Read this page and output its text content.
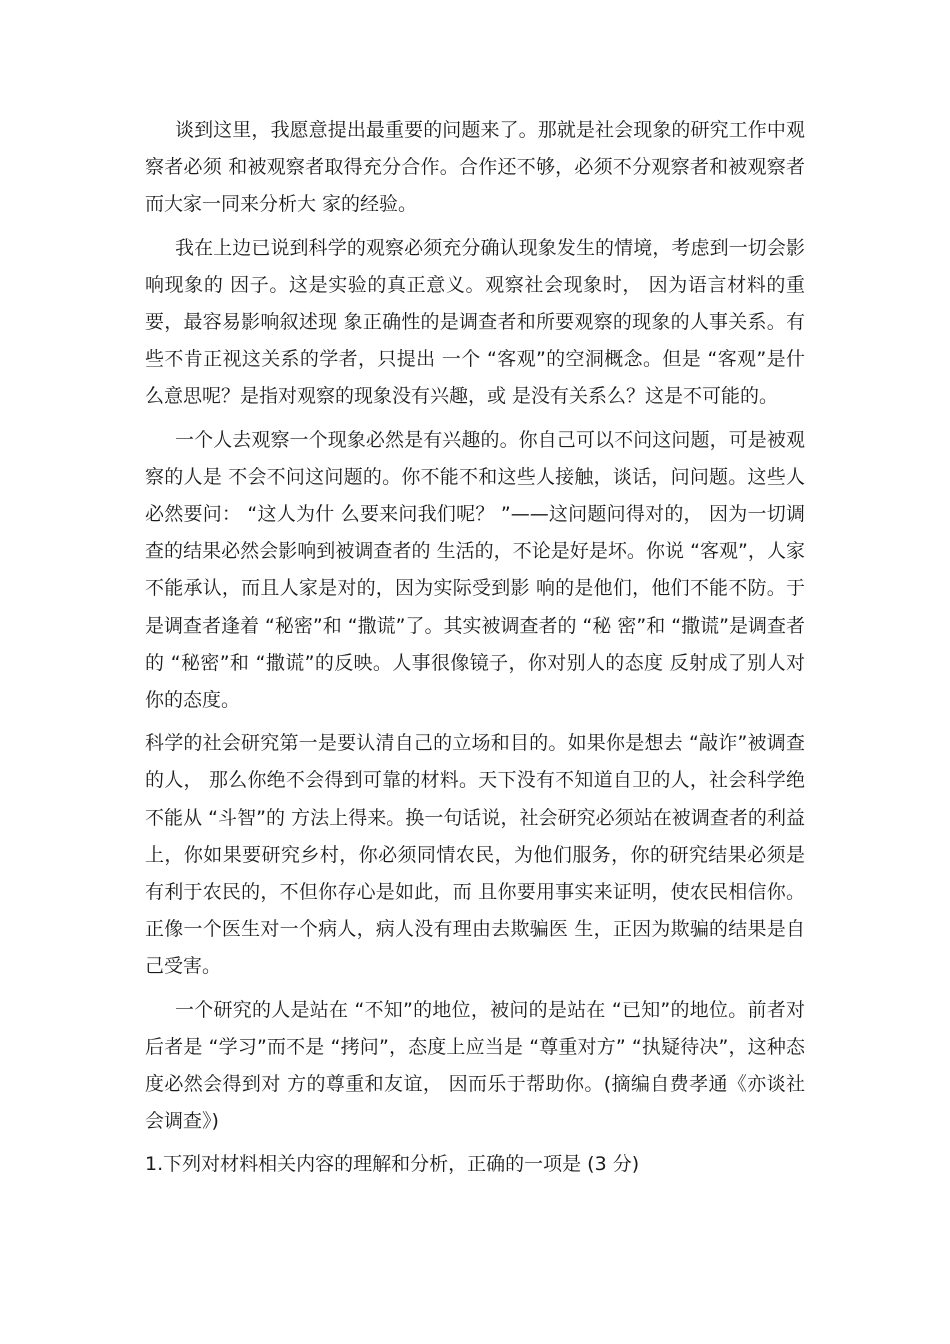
谈到这里，我愿意提出最重要的问题来了。那就是社会现象的研究工作中观察者必须 和被观察者取得充分合作。合作还不够，必须不分观察者和被观察者而大家一同来分析大 家的经验。

我在上边已说到科学的观察必须充分确认现象发生的情境，考虑到一切会影响现象的 因子。这是实验的真正意义。观察社会现象时， 因为语言材料的重要，最容易影响叙述现 象正确性的是调查者和所要观察的现象的人事关系。有些不肯正视这关系的学者，只提出 一个 “客观”的空洞概念。但是 “客观”是什么意思呢？是指对观察的现象没有兴趣，或 是没有关系么？这是不可能的。

一个人去观察一个现象必然是有兴趣的。你自己可以不问这问题，可是被观察的人是 不会不问这问题的。你不能不和这些人接触，谈话，问问题。这些人必然要问： “这人为什 么要来问我们呢？ ”——这问题问得对的， 因为一切调查的结果必然会影响到被调查者的 生活的，不论是好是坏。你说 “客观”，人家不能承认，而且人家是对的，因为实际受到影 响的是他们，他们不能不防。于是调查者逢着 “秘密”和 “撒谎”了。其实被调查者的 “秘 密”和 “撒谎”是调查者的 “秘密”和 “撒谎”的反映。人事很像镜子，你对别人的态度 反射成了别人对你的态度。

科学的社会研究第一是要认清自己的立场和目的。如果你是想去 “敲诈”被调查的人， 那么你绝不会得到可靠的材料。天下没有不知道自卫的人，社会科学绝不能从 “斗智”的 方法上得来。换一句话说，社会研究必须站在被调查者的利益上，你如果要研究乡村，你必须同情农民，为他们服务，你的研究结果必须是有利于农民的，不但你存心是如此，而 且你要用事实来证明，使农民相信你。正像一个医生对一个病人，病人没有理由去欺骗医 生，正因为欺骗的结果是自己受害。

一个研究的人是站在 “不知”的地位，被问的是站在 “已知”的地位。前者对后者是 “学习”而不是 “拷问”，态度上应当是 “尊重对方” “执疑待决”，这种态度必然会得到对 方的尊重和友谊， 因而乐于帮助你。(摘编自费孝通《亦谈社会调查》)

1.下列对材料相关内容的理解和分析，正确的一项是 (3 分)
